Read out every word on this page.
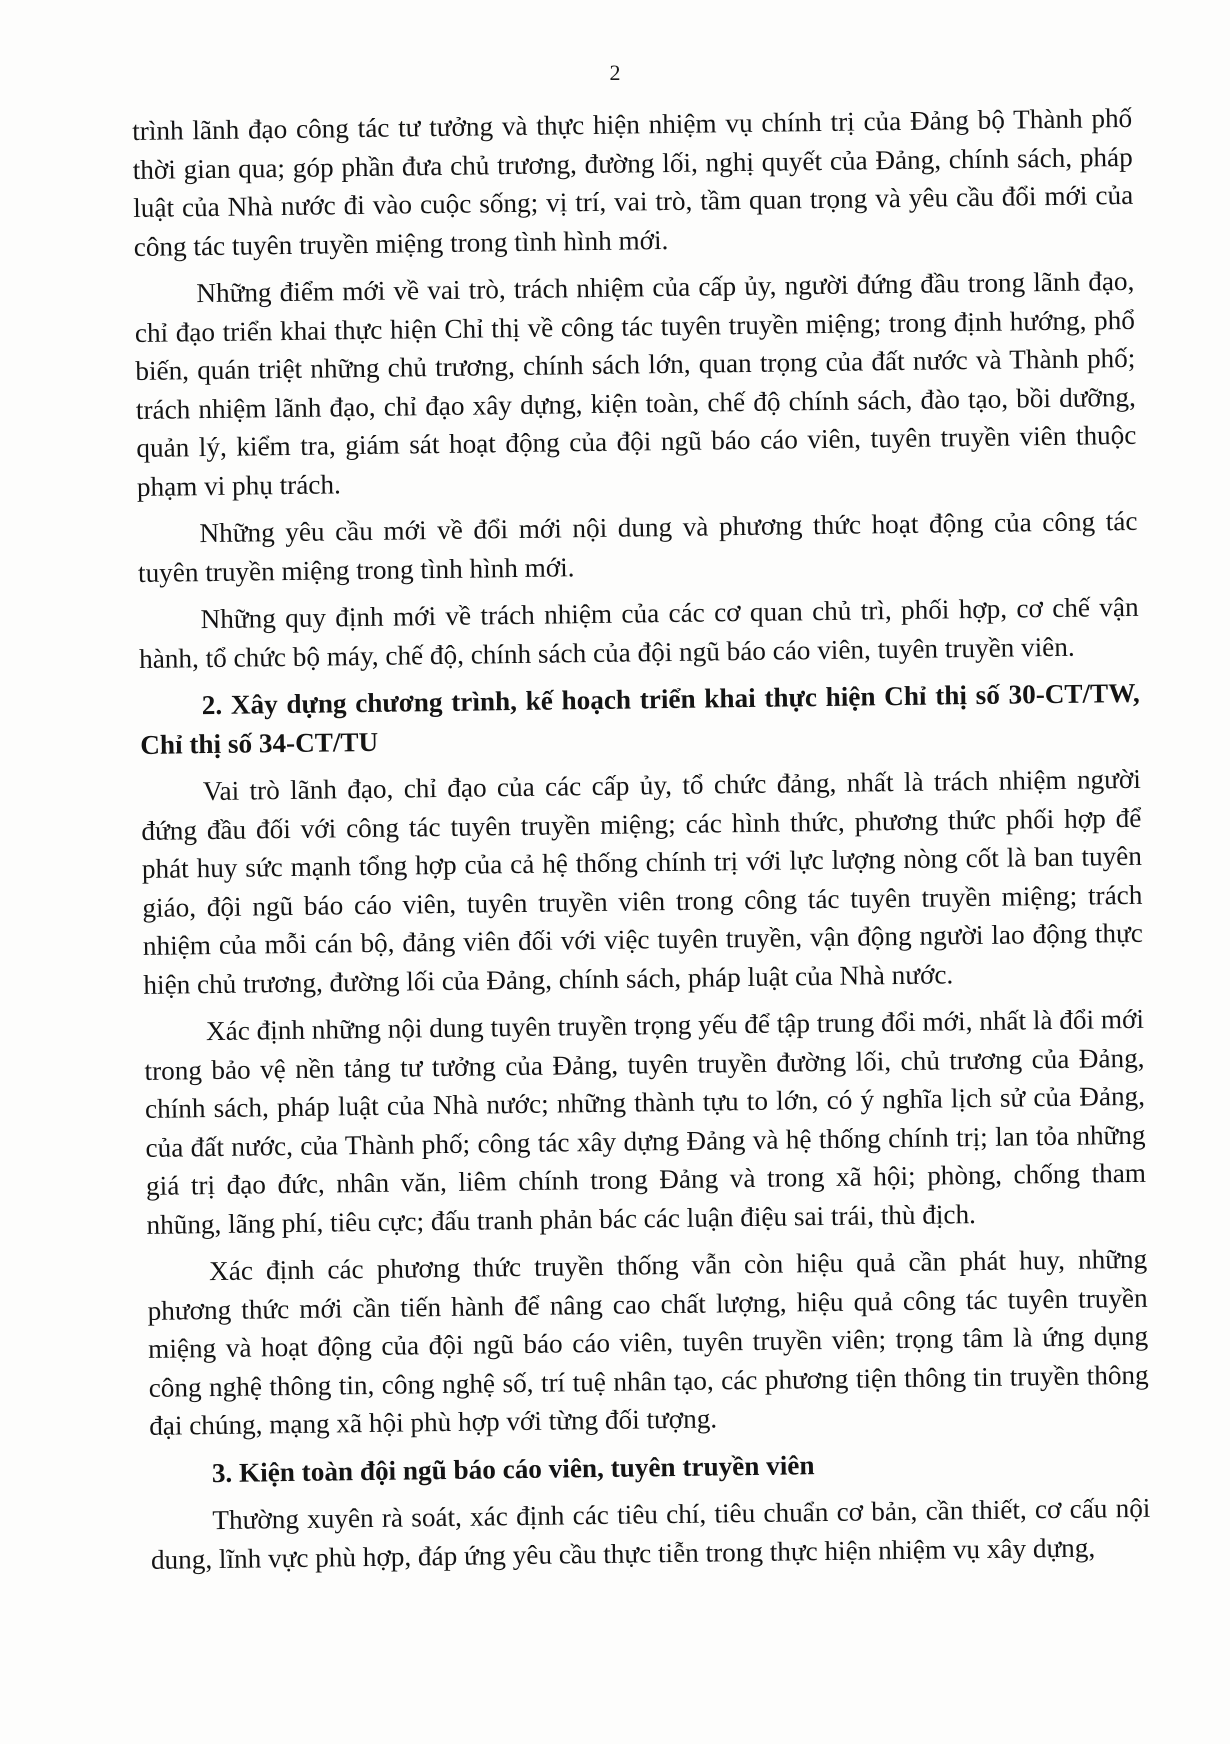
2

trình lãnh đạo công tác tư tưởng và thực hiện nhiệm vụ chính trị của Đảng bộ Thành phố thời gian qua; góp phần đưa chủ trương, đường lối, nghị quyết của Đảng, chính sách, pháp luật của Nhà nước đi vào cuộc sống; vị trí, vai trò, tầm quan trọng và yêu cầu đổi mới của công tác tuyên truyền miệng trong tình hình mới.

Những điểm mới về vai trò, trách nhiệm của cấp ủy, người đứng đầu trong lãnh đạo, chỉ đạo triển khai thực hiện Chỉ thị về công tác tuyên truyền miệng; trong định hướng, phổ biến, quán triệt những chủ trương, chính sách lớn, quan trọng của đất nước và Thành phố; trách nhiệm lãnh đạo, chỉ đạo xây dựng, kiện toàn, chế độ chính sách, đào tạo, bồi dưỡng, quản lý, kiểm tra, giám sát hoạt động của đội ngũ báo cáo viên, tuyên truyền viên thuộc phạm vi phụ trách.

Những yêu cầu mới về đổi mới nội dung và phương thức hoạt động của công tác tuyên truyền miệng trong tình hình mới.

Những quy định mới về trách nhiệm của các cơ quan chủ trì, phối hợp, cơ chế vận hành, tổ chức bộ máy, chế độ, chính sách của đội ngũ báo cáo viên, tuyên truyền viên.

2. Xây dựng chương trình, kế hoạch triển khai thực hiện Chỉ thị số 30-CT/TW, Chỉ thị số 34-CT/TU

Vai trò lãnh đạo, chỉ đạo của các cấp ủy, tổ chức đảng, nhất là trách nhiệm người đứng đầu đối với công tác tuyên truyền miệng; các hình thức, phương thức phối hợp để phát huy sức mạnh tổng hợp của cả hệ thống chính trị với lực lượng nòng cốt là ban tuyên giáo, đội ngũ báo cáo viên, tuyên truyền viên trong công tác tuyên truyền miệng; trách nhiệm của mỗi cán bộ, đảng viên đối với việc tuyên truyền, vận động người lao động thực hiện chủ trương, đường lối của Đảng, chính sách, pháp luật của Nhà nước.

Xác định những nội dung tuyên truyền trọng yếu để tập trung đổi mới, nhất là đổi mới trong bảo vệ nền tảng tư tưởng của Đảng, tuyên truyền đường lối, chủ trương của Đảng, chính sách, pháp luật của Nhà nước; những thành tựu to lớn, có ý nghĩa lịch sử của Đảng, của đất nước, của Thành phố; công tác xây dựng Đảng và hệ thống chính trị; lan tỏa những giá trị đạo đức, nhân văn, liêm chính trong Đảng và trong xã hội; phòng, chống tham nhũng, lãng phí, tiêu cực; đấu tranh phản bác các luận điệu sai trái, thù địch.

Xác định các phương thức truyền thống vẫn còn hiệu quả cần phát huy, những phương thức mới cần tiến hành để nâng cao chất lượng, hiệu quả công tác tuyên truyền miệng và hoạt động của đội ngũ báo cáo viên, tuyên truyền viên; trọng tâm là ứng dụng công nghệ thông tin, công nghệ số, trí tuệ nhân tạo, các phương tiện thông tin truyền thông đại chúng, mạng xã hội phù hợp với từng đối tượng.

3. Kiện toàn đội ngũ báo cáo viên, tuyên truyền viên

Thường xuyên rà soát, xác định các tiêu chí, tiêu chuẩn cơ bản, cần thiết, cơ cấu nội dung, lĩnh vực phù hợp, đáp ứng yêu cầu thực tiễn trong thực hiện nhiệm vụ xây dựng,
